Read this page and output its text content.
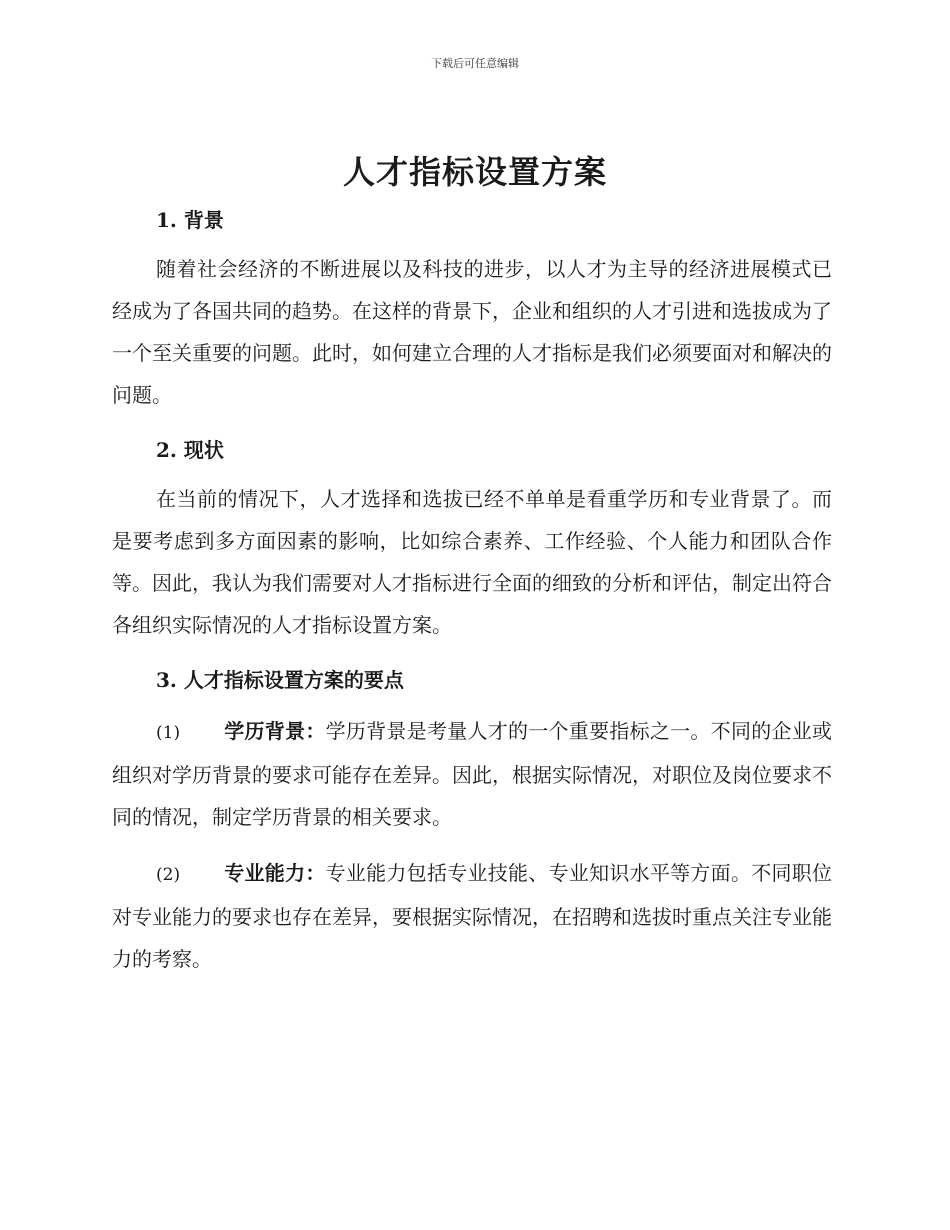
下载后可任意编辑
人才指标设置方案

1. 背景

随着社会经济的不断进展以及科技的进步，以人才为主导的经济进展模式已经成为了各国共同的趋势。在这样的背景下，企业和组织的人才引进和选拔成为了一个至关重要的问题。此时，如何建立合理的人才指标是我们必须要面对和解决的问题。

2. 现状

在当前的情况下，人才选择和选拔已经不单单是看重学历和专业背景了。而是要考虑到多方面因素的影响，比如综合素养、工作经验、个人能力和团队合作等。因此，我认为我们需要对人才指标进行全面的细致的分析和评估，制定出符合各组织实际情况的人才指标设置方案。

3. 人才指标设置方案的要点

(1) 学历背景：学历背景是考量人才的一个重要指标之一。不同的企业或组织对学历背景的要求可能存在差异。因此，根据实际情况，对职位及岗位要求不同的情况，制定学历背景的相关要求。

(2) 专业能力：专业能力包括专业技能、专业知识水平等方面。不同职位对专业能力的要求也存在差异，要根据实际情况，在招聘和选拔时重点关注专业能力的考察。
